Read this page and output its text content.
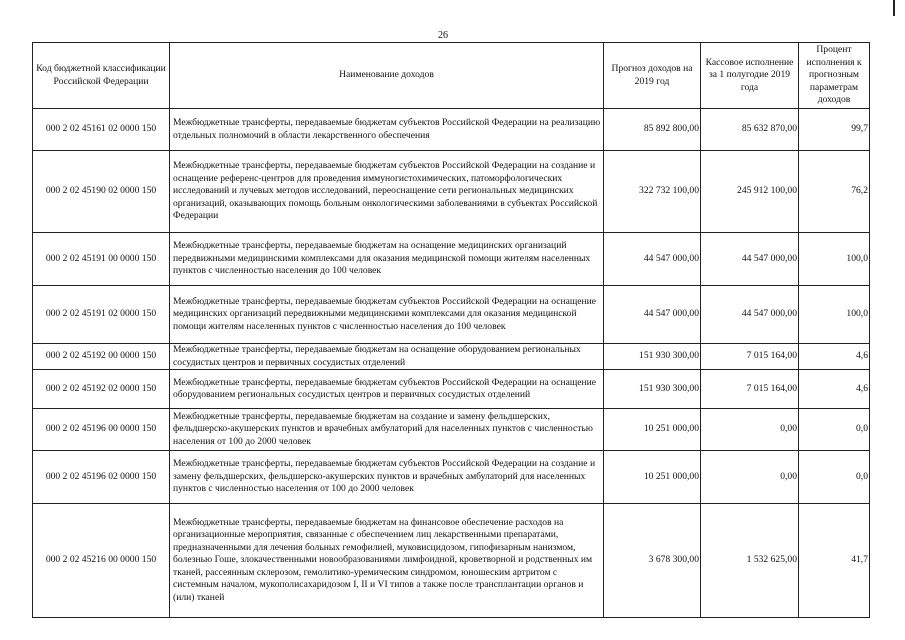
26
Код бюджетной классификации Российской Федерации	Наименование доходов	Прогноз доходов на 2019 год	Кассовое исполнение за 1 полугодие 2019 года	Процент исполнения к прогнозным параметрам доходов
000 2 02 45161 02 0000 150	Межбюджетные трансферты, передаваемые бюджетам субъектов Российской Федерации на реализацию отдельных полномочий в области лекарственного обеспечения	85 892 800,00	85 632 870,00	99,7
000 2 02 45190 02 0000 150	Межбюджетные трансферты, передаваемые бюджетам субъектов Российской Федерации на создание и оснащение референс-центров для проведения иммуногистохимических, патоморфологических исследований и лучевых методов исследований, переоснащение сети региональных медицинских организаций, оказывающих помощь больным онкологическими заболеваниями в субъектах Российской Федерации	322 732 100,00	245 912 100,00	76,2
000 2 02 45191 00 0000 150	Межбюджетные трансферты, передаваемые бюджетам на оснащение медицинских организаций передвижными медицинскими комплексами для оказания медицинской помощи жителям населенных пунктов с численностью населения до 100 человек	44 547 000,00	44 547 000,00	100,0
000 2 02 45191 02 0000 150	Межбюджетные трансферты, передаваемые бюджетам субъектов Российской Федерации на оснащение медицинских организаций передвижными медицинскими комплексами для оказания медицинской помощи жителям населенных пунктов с численностью населения до 100 человек	44 547 000,00	44 547 000,00	100,0
000 2 02 45192 00 0000 150	Межбюджетные трансферты, передаваемые бюджетам на оснащение оборудованием региональных сосудистых центров и первичных сосудистых отделений	151 930 300,00	7 015 164,00	4,6
000 2 02 45192 02 0000 150	Межбюджетные трансферты, передаваемые бюджетам субъектов Российской Федерации на оснащение оборудованием региональных сосудистых центров и первичных сосудистых отделений	151 930 300,00	7 015 164,00	4,6
000 2 02 45196 00 0000 150	Межбюджетные трансферты, передаваемые бюджетам на создание и замену фельдшерских, фельдшерско-акушерских пунктов и врачебных амбулаторий для населенных пунктов с численностью населения от 100 до 2000 человек	10 251 000,00	0,00	0,0
000 2 02 45196 02 0000 150	Межбюджетные трансферты, передаваемые бюджетам субъектов Российской Федерации на создание и замену фельдшерских, фельдшерско-акушерских пунктов и врачебных амбулаторий для населенных пунктов с численностью населения от 100 до 2000 человек	10 251 000,00	0,00	0,0
000 2 02 45216 00 0000 150	Межбюджетные трансферты, передаваемые бюджетам на финансовое обеспечение расходов на организационные мероприятия, связанные с обеспечением лиц лекарственными препаратами, предназначенными для лечения больных гемофилией, муковисцидозом, гипофизарным нанизмом, болезнью Гоше, злокачественными новообразованиями лимфоидной, кроветворной и родственных им тканей, рассеянным склерозом, гемолитико-уремическим синдромом, юношеским артритом с системным началом, мукополисахаридозом I, II и VI типов а также после трансплантации органов и (или) тканей	3 678 300,00	1 532 625,00	41,7
